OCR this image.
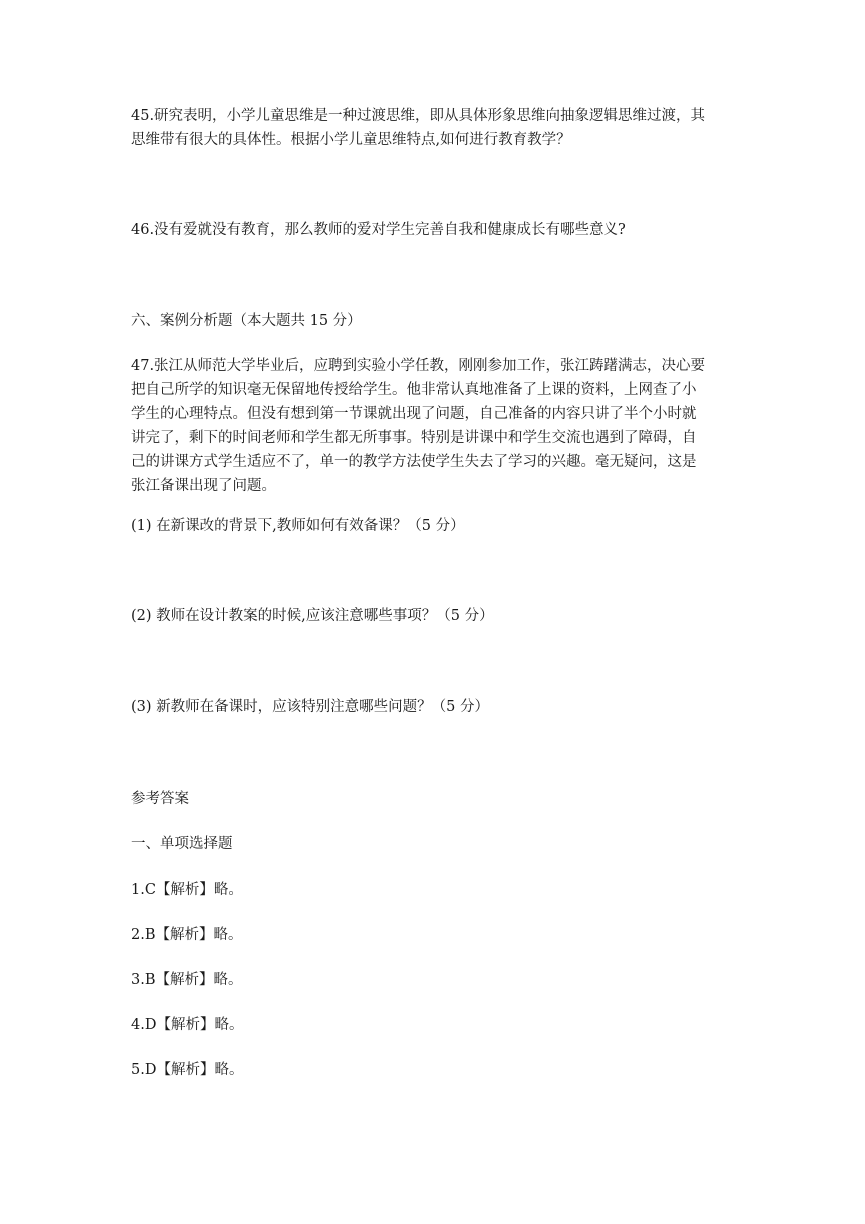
45.研究表明，小学儿童思维是一种过渡思维，即从具体形象思维向抽象逻辑思维过渡，其
思维带有很大的具体性。根据小学儿童思维特点,如何进行教育教学？
46.没有爱就没有教育，那么教师的爱对学生完善自我和健康成长有哪些意义?
六、案例分析题（本大题共 15 分）
47.张江从师范大学毕业后，应聘到实验小学任教，刚刚参加工作，张江踌躇满志，决心要
把自己所学的知识毫无保留地传授给学生。他非常认真地准备了上课的资料，上网查了小
学生的心理特点。但没有想到第一节课就出现了问题，自己准备的内容只讲了半个小时就
讲完了，剩下的时间老师和学生都无所事事。特别是讲课中和学生交流也遇到了障碍，自
己的讲课方式学生适应不了，单一的教学方法使学生失去了学习的兴趣。毫无疑问，这是
张江备课出现了问题。
(1) 在新课改的背景下,教师如何有效备课？（5 分）
(2) 教师在设计教案的时候,应该注意哪些事项？（5 分）
(3) 新教师在备课时，应该特别注意哪些问题？（5 分）
参考答案
一、单项选择题
1.C【解析】略。
2.B【解析】略。
3.B【解析】略。
4.D【解析】略。
5.D【解析】略。
